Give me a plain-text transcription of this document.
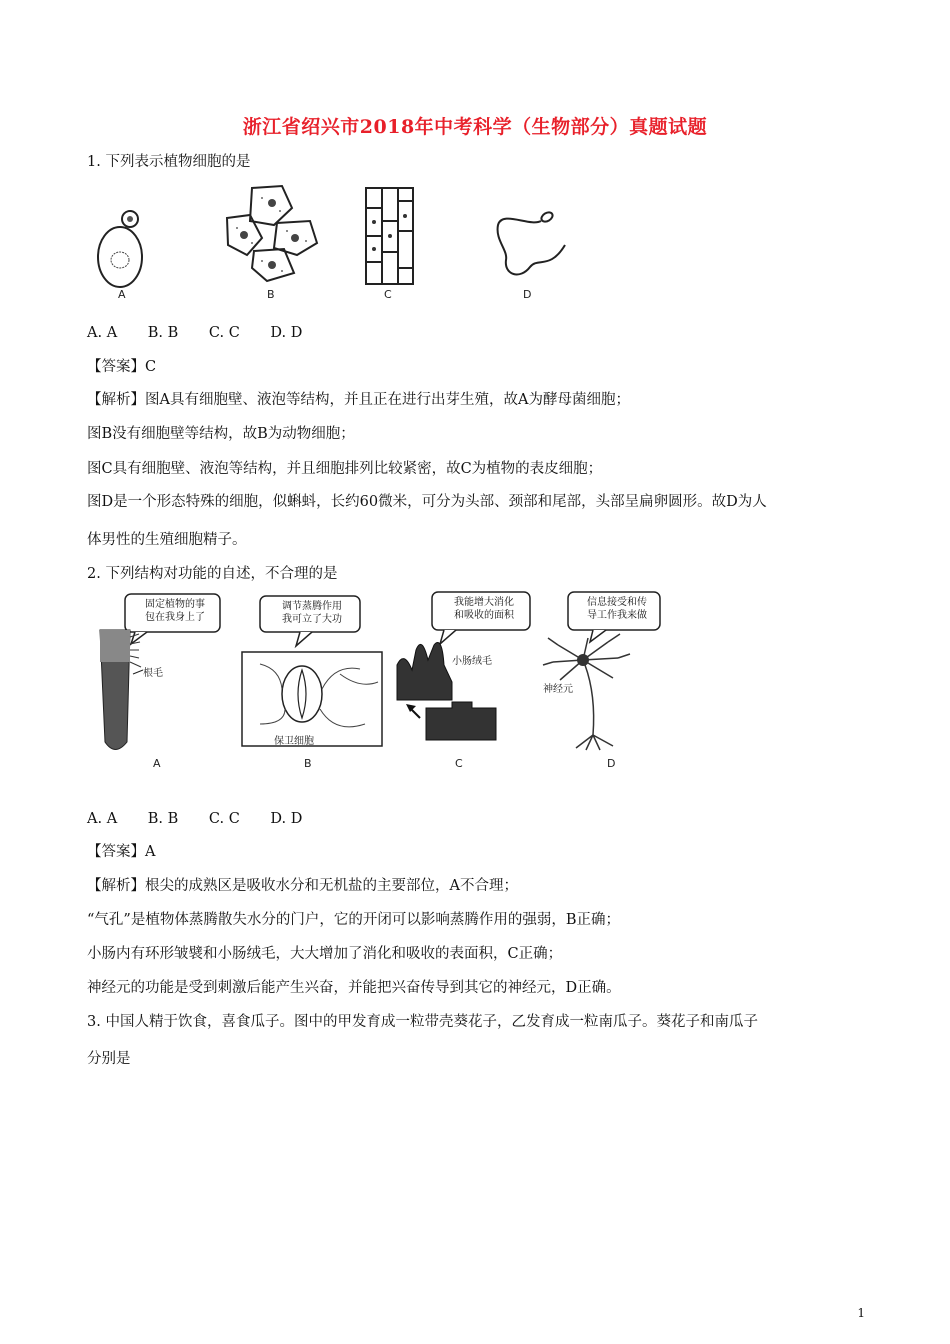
浙江省绍兴市2018年中考科学（生物部分）真题试题
1. 下列表示植物细胞的是
A	B	C	D
A. A B. B C. C D. D
【答案】C
【解析】图A具有细胞壁、液泡等结构，并且正在进行出芽生殖，故A为酵母菌细胞；
图B没有细胞壁等结构，故B为动物细胞；
图C具有细胞壁、液泡等结构，并且细胞排列比较紧密，故C为植物的表皮细胞；
图D是一个形态特殊的细胞，似蝌蚪，长约60微米，可分为头部、颈部和尾部，头部呈扁卵圆形。故D为人
体男性的生殖细胞精子。
2. 下列结构对功能的自述，不合理的是
固定植物的事
包在我身上了
根毛
A
调节蒸腾作用
我可立了大功
保卫细胞
B
我能增大消化
和吸收的面积
小肠绒毛
C
信息接受和传
导工作我来做
神经元
D
A. A B. B C. C D. D
【答案】A
【解析】根尖的成熟区是吸收水分和无机盐的主要部位，A不合理；
“气孔”是植物体蒸腾散失水分的门户，它的开闭可以影响蒸腾作用的强弱，B正确；
小肠内有环形皱襞和小肠绒毛，大大增加了消化和吸收的表面积，C正确；
神经元的功能是受到刺激后能产生兴奋，并能把兴奋传导到其它的神经元，D正确。
3. 中国人精于饮食，喜食瓜子。图中的甲发育成一粒带壳葵花子，乙发育成一粒南瓜子。葵花子和南瓜子
分别是
1
